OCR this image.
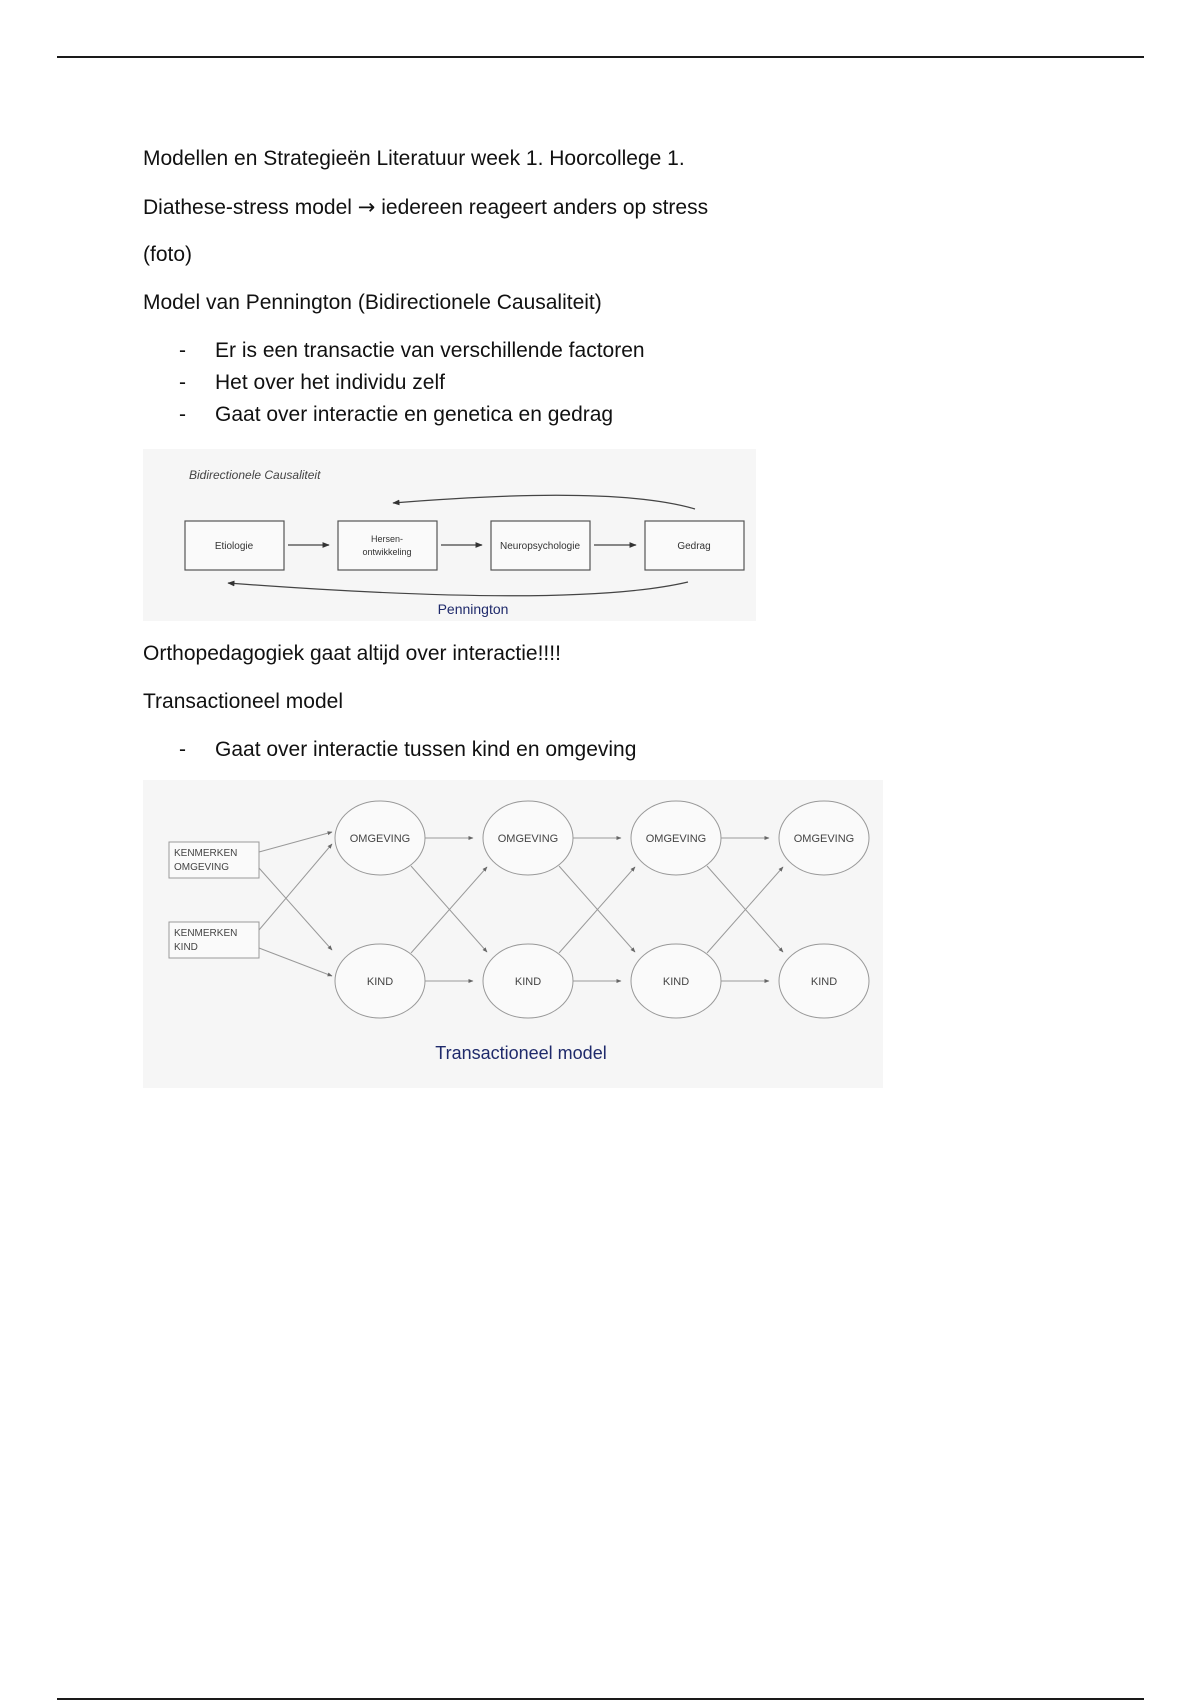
Modellen en Strategieën Literatuur week 1. Hoorcollege 1.
Diathese-stress model → iedereen reageert anders op stress
(foto)
Model van Pennington (Bidirectionele Causaliteit)
- Er is een transactie van verschillende factoren
- Het over het individu zelf
- Gaat over interactie en genetica en gedrag
Bidirectionele Causaliteit
Etiologie
Hersen-
ontwikkeling	Neuropsychologie	Gedrag
Pennington
Orthopedagogiek gaat altijd over interactie!!!!
Transactioneel model
- Gaat over interactie tussen kind en omgeving
KENMERKEN
OMGEVING
KENMERKEN
KIND
OMGEVING	OMGEVING	OMGEVING	OMGEVING
KIND	KIND	KIND	KIND
Transactioneel model
